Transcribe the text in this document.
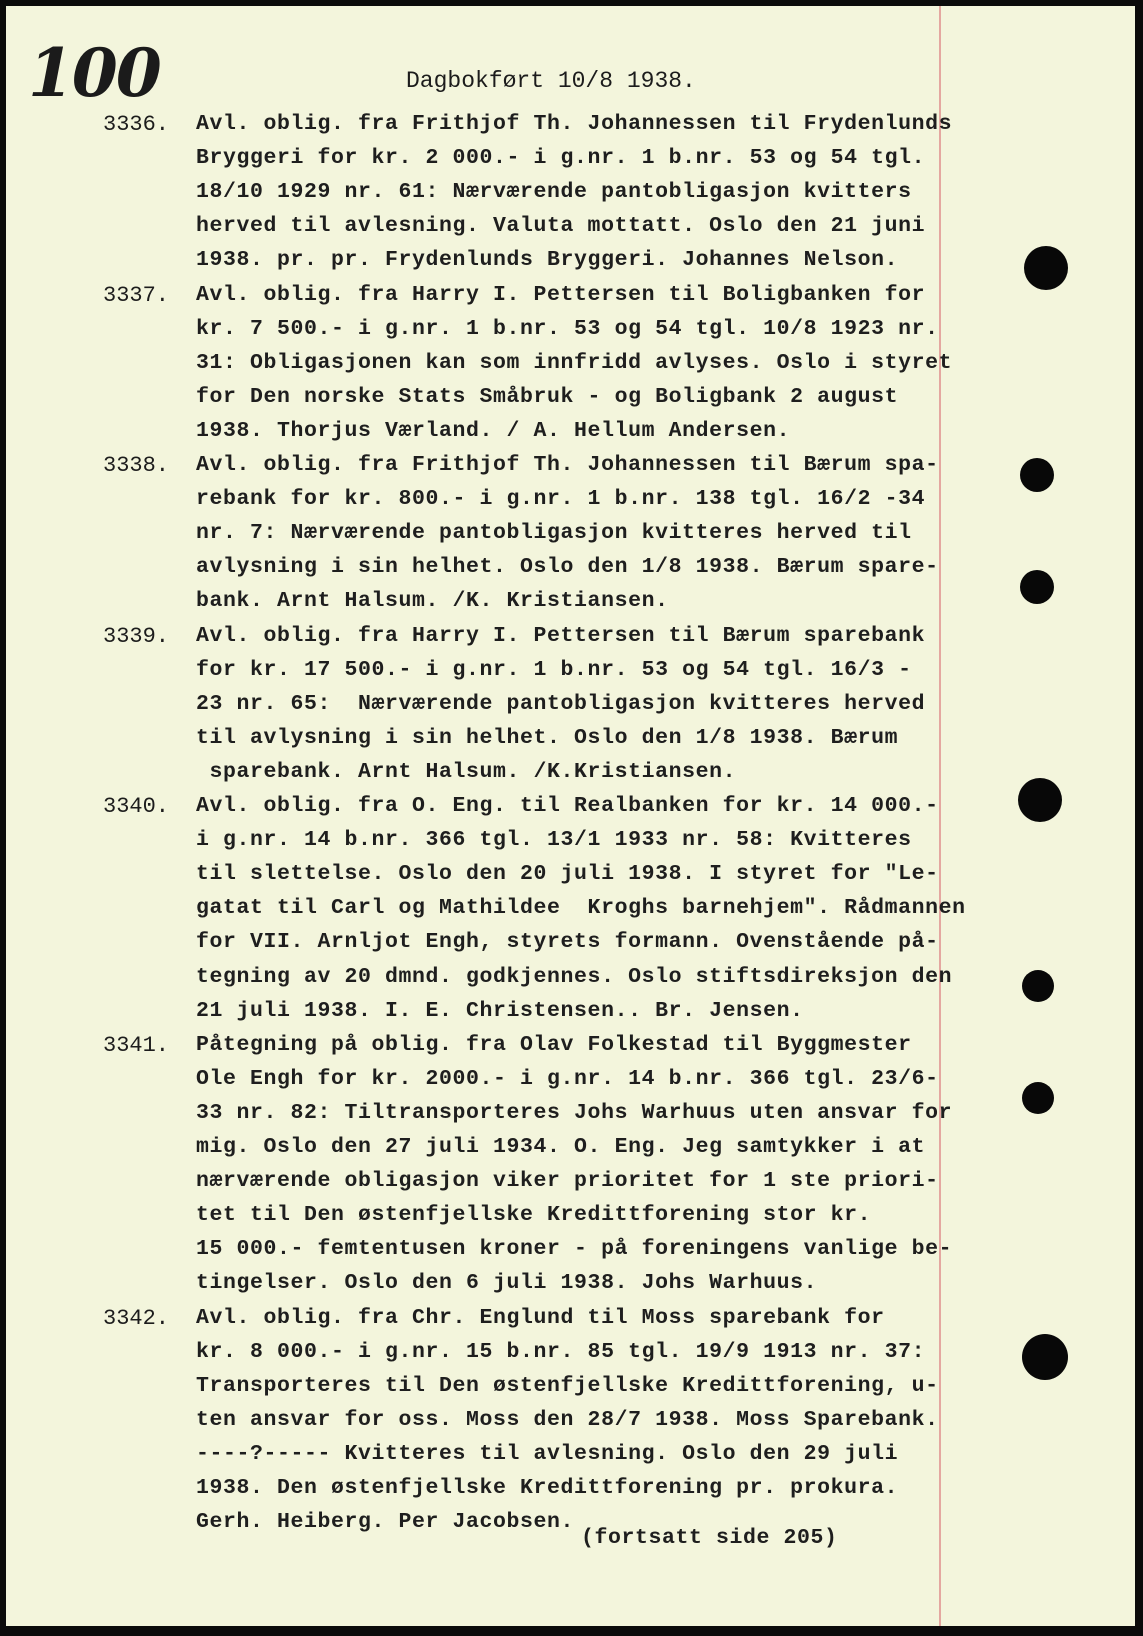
100	Dagbokført 10/8 1938.
3336. Avl. oblig. fra Frithjof Th. Johannessen til Frydenlunds
Bryggeri for kr. 2 000.- i g.nr. 1 b.nr. 53 og 54 tgl.
18/10 1929 nr. 61: Nærværende pantobligasjon kvitters
herved til avlesning. Valuta mottatt. Oslo den 21 juni
1938. pr. pr. Frydenlunds Bryggeri. Johannes Nelson.
3337. Avl. oblig. fra Harry I. Pettersen til Boligbanken for
kr. 7 500.- i g.nr. 1 b.nr. 53 og 54 tgl. 10/8 1923 nr.
31: Obligasjonen kan som innfridd avlyses. Oslo i styret
for Den norske Stats Småbruk - og Boligbank 2 august
1938. Thorjus Værland. / A. Hellum Andersen.
3338. Avl. oblig. fra Frithjof Th. Johannessen til Bærum spa-
rebank for kr. 800.- i g.nr. 1 b.nr. 138 tgl. 16/2 -34
nr. 7: Nærværende pantobligasjon kvitteres herved til
avlysning i sin helhet. Oslo den 1/8 1938. Bærum spare-
bank. Arnt Halsum. /K. Kristiansen.
3339. Avl. oblig. fra Harry I. Pettersen til Bærum sparebank
for kr. 17 500.- i g.nr. 1 b.nr. 53 og 54 tgl. 16/3 -
23 nr. 65:  Nærværende pantobligasjon kvitteres herved
til avlysning i sin helhet. Oslo den 1/8 1938. Bærum
sparebank. Arnt Halsum. /K.Kristiansen.
3340. Avl. oblig. fra O. Eng. til Realbanken for kr. 14 000.-
i g.nr. 14 b.nr. 366 tgl. 13/1 1933 nr. 58: Kvitteres
til slettelse. Oslo den 20 juli 1938. I styret for "Le-
gatat til Carl og Mathildee  Kroghs barnehjem". Rådmannen
for VII. Arnljot Engh, styrets formann. Ovenstående på-
tegning av 20 dmnd. godkjennes. Oslo stiftsdireksjon den
21 juli 1938. I. E. Christensen.. Br. Jensen.
3341. Påtegning på oblig. fra Olav Folkestad til Byggmester
Ole Engh for kr. 2000.- i g.nr. 14 b.nr. 366 tgl. 23/6-
33 nr. 82: Tiltransporteres Johs Warhuus uten ansvar for
mig. Oslo den 27 juli 1934. O. Eng. Jeg samtykker i at
nærværende obligasjon viker prioritet for 1 ste priori-
tet til Den østenfjellske Kredittforening stor kr.
15 000.- femtentusen kroner - på foreningens vanlige be-
tingelser. Oslo den 6 juli 1938. Johs Warhuus.
3342. Avl. oblig. fra Chr. Englund til Moss sparebank for
kr. 8 000.- i g.nr. 15 b.nr. 85 tgl. 19/9 1913 nr. 37:
Transporteres til Den østenfjellske Kredittforening, u-
ten ansvar for oss. Moss den 28/7 1938. Moss Sparebank.
----?----- Kvitteres til avlesning. Oslo den 29 juli
1938. Den østenfjellske Kredittforening pr. prokura.
Gerh. Heiberg. Per Jacobsen.
(fortsatt side 205)
